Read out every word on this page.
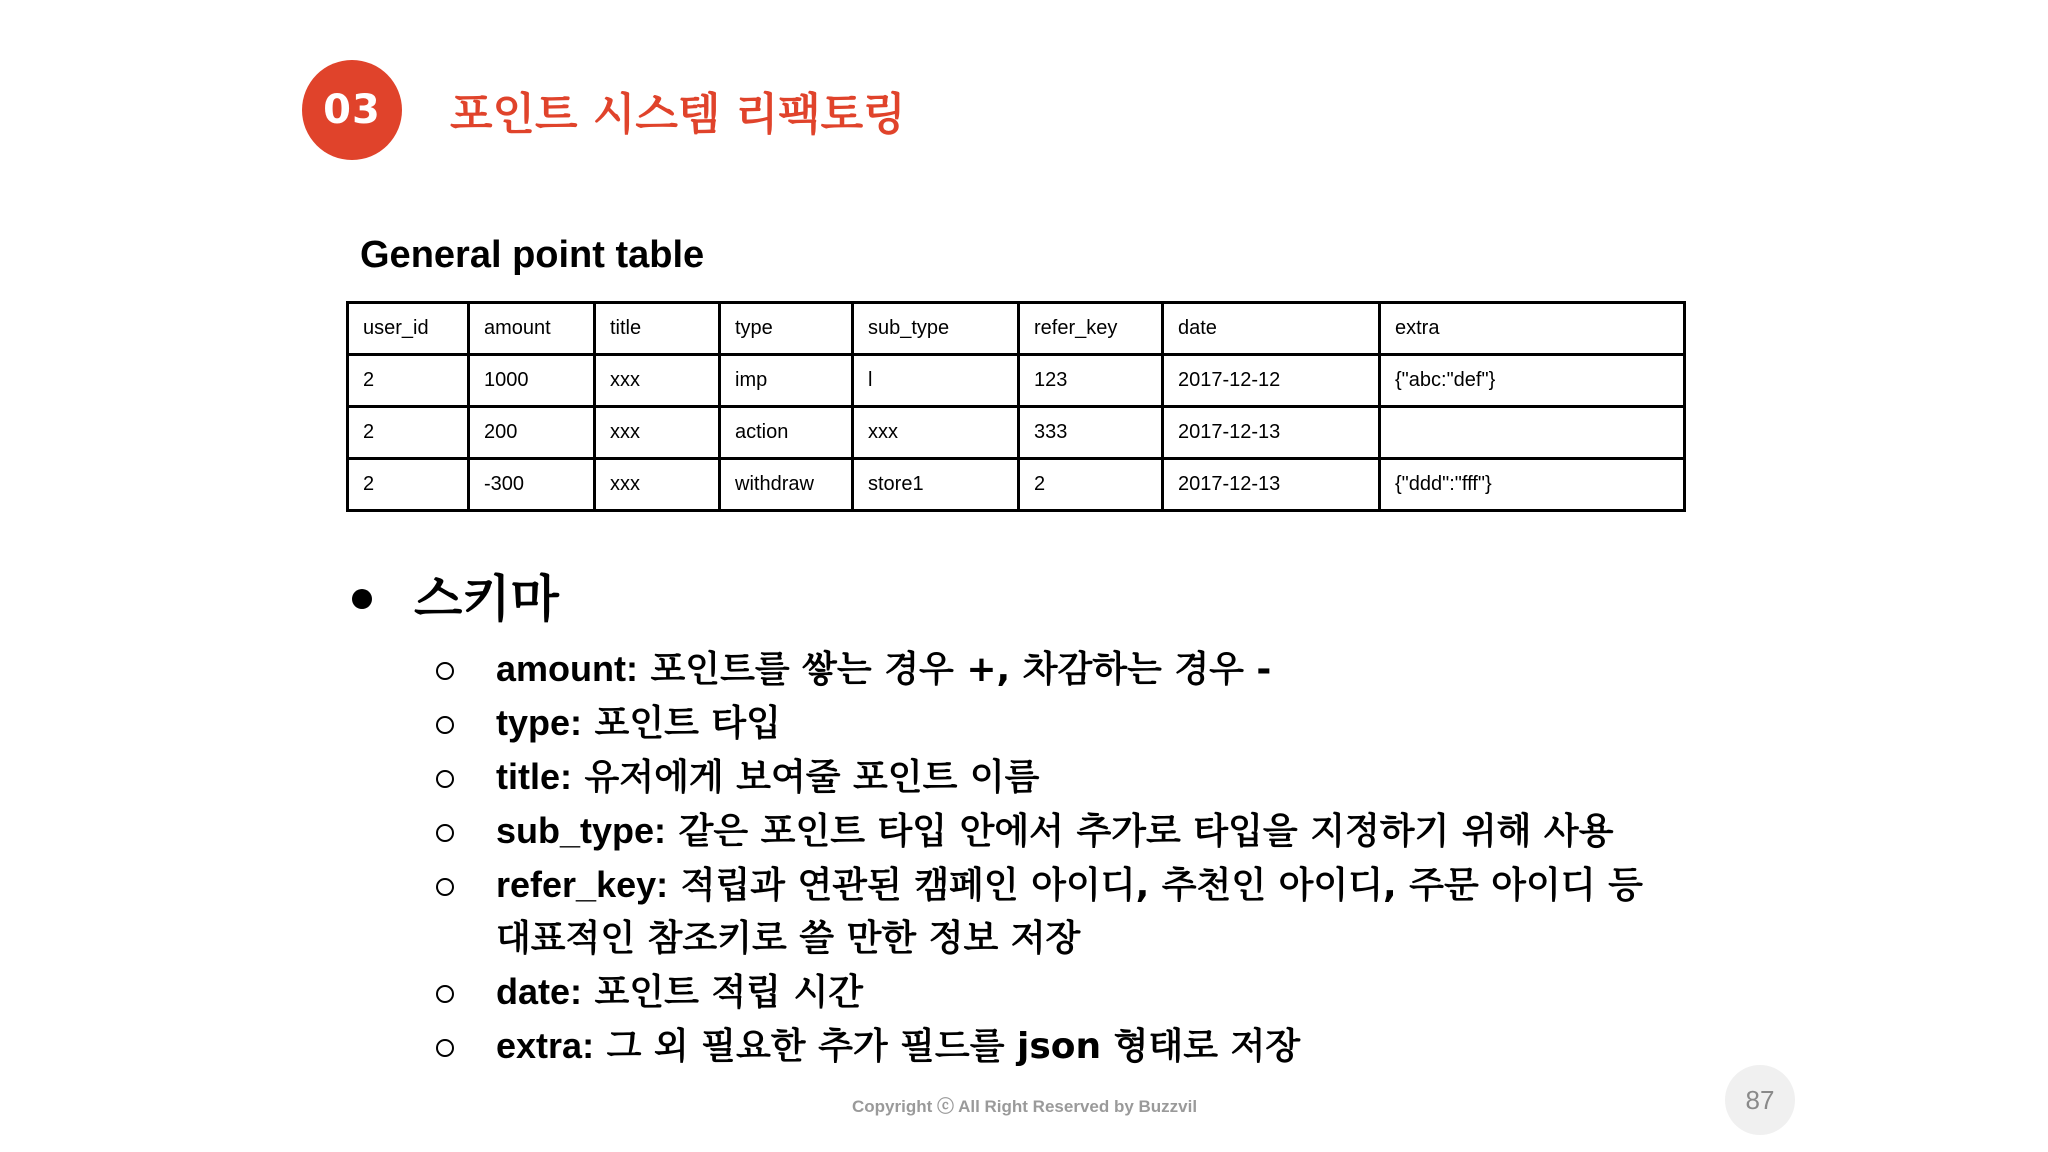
03	포인트 시스템 리팩토링
General point table
user_id	amount	title	type	sub_type	refer_key	date	extra
2	1000	xxx	imp	l	123	2017-12-12	{"abc:"def"}
2	200	xxx	action	xxx	333	2017-12-13	
2	-300	xxx	withdraw	store1	2	2017-12-13	{"ddd":"fff"}
스키마
amount: 포인트를 쌓는 경우 +, 차감하는 경우 -
type: 포인트 타입
title: 유저에게 보여줄 포인트 이름
sub_type: 같은 포인트 타입 안에서 추가로 타입을 지정하기 위해 사용
refer_key: 적립과 연관된 캠페인 아이디, 추천인 아이디, 주문 아이디 등 대표적인 참조키로 쓸 만한 정보 저장
date: 포인트 적립 시간
extra: 그 외 필요한 추가 필드를 json 형태로 저장
Copyright ⓒ All Right Reserved by Buzzvil	87
